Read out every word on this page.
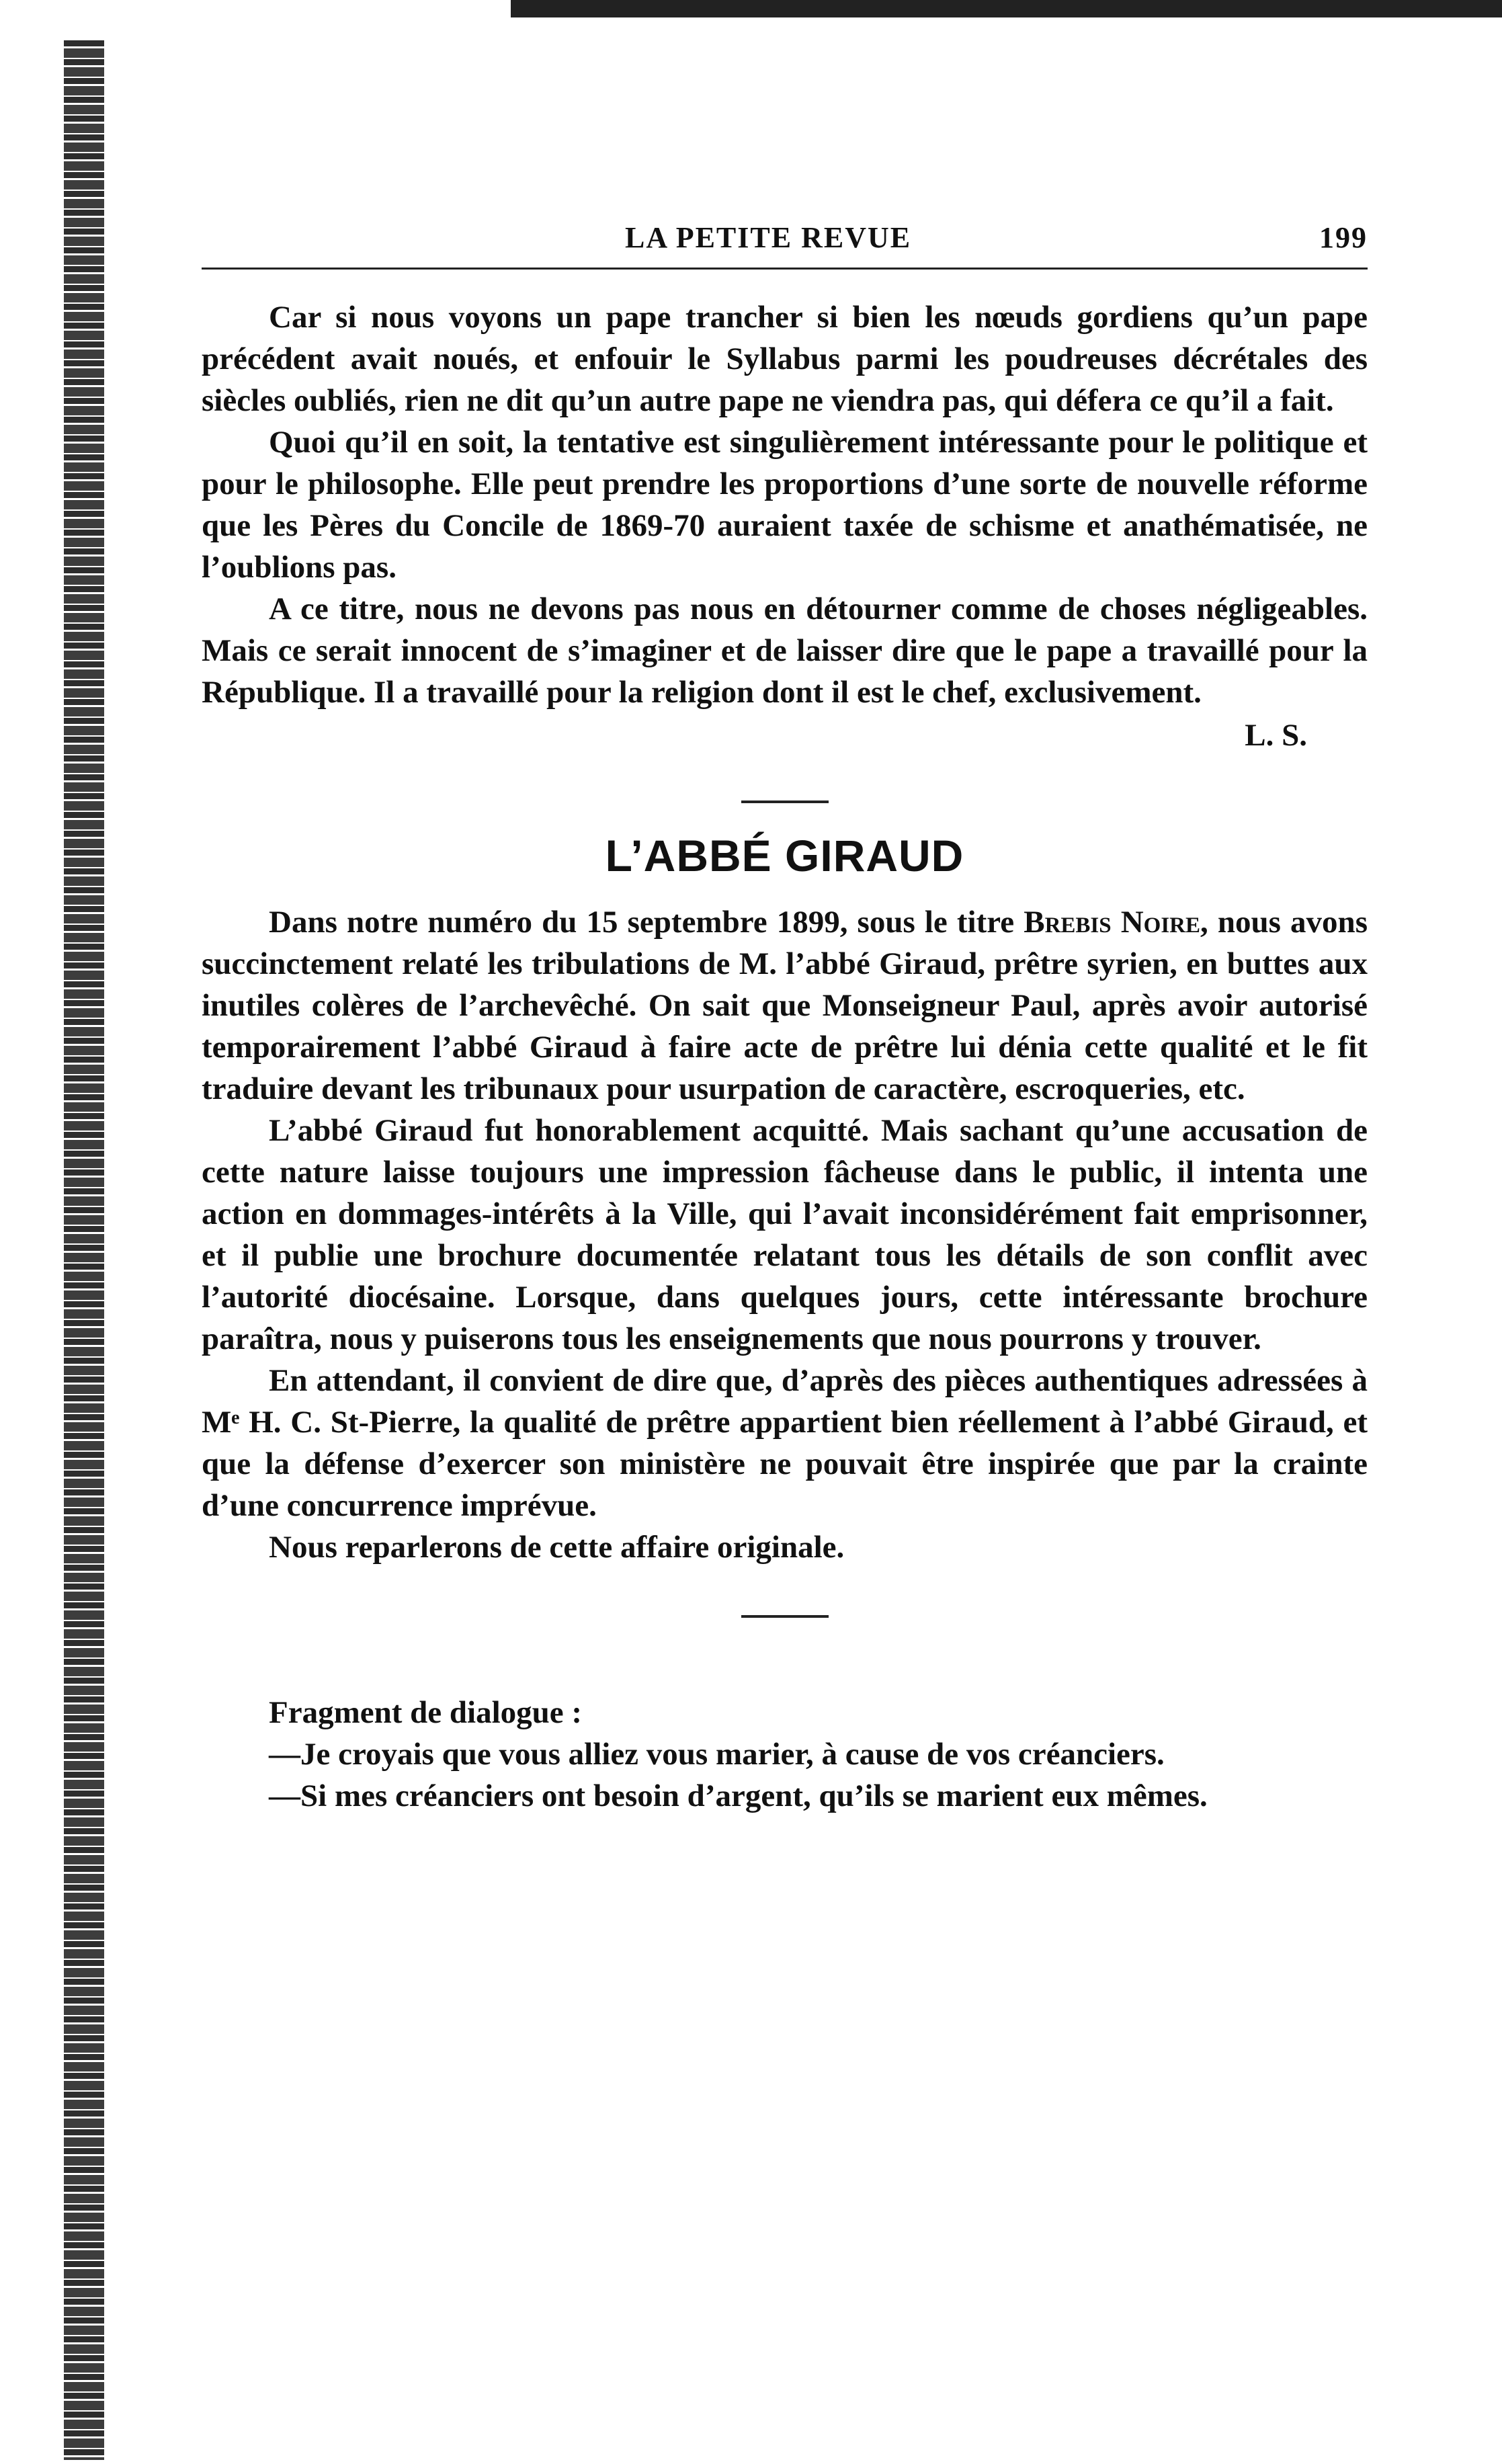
LA PETITE REVUE	199

Car si nous voyons un pape trancher si bien les nœuds gordiens qu’un pape précédent avait noués, et enfouir le Syllabus parmi les poudreuses décrétales des siècles oubliés, rien ne dit qu’un autre pape ne viendra pas, qui défera ce qu’il a fait.

Quoi qu’il en soit, la tentative est singulièrement intéressante pour le politique et pour le philosophe. Elle peut prendre les proportions d’une sorte de nouvelle réforme que les Pères du Concile de 1869-70 auraient taxée de schisme et anathématisée, ne l’oublions pas.

A ce titre, nous ne devons pas nous en détourner comme de choses négligeables. Mais ce serait innocent de s’imaginer et de laisser dire que le pape a travaillé pour la République. Il a travaillé pour la religion dont il est le chef, exclusivement.

L. S.

L’ABBÉ GIRAUD

Dans notre numéro du 15 septembre 1899, sous le titre Brebis Noire, nous avons succinctement relaté les tribulations de M. l’abbé Giraud, prêtre syrien, en buttes aux inutiles colères de l’archevêché. On sait que Monseigneur Paul, après avoir autorisé temporairement l’abbé Giraud à faire acte de prêtre lui dénia cette qualité et le fit traduire devant les tribunaux pour usurpation de caractère, escroqueries, etc.

L’abbé Giraud fut honorablement acquitté. Mais sachant qu’une accusation de cette nature laisse toujours une impression fâcheuse dans le public, il intenta une action en dommages-intérêts à la Ville, qui l’avait inconsidérément fait emprisonner, et il publie une brochure documentée relatant tous les détails de son conflit avec l’autorité diocésaine. Lorsque, dans quelques jours, cette intéressante brochure paraîtra, nous y puiserons tous les enseignements que nous pourrons y trouver.

En attendant, il convient de dire que, d’après des pièces authentiques adressées à Mᵉ H. C. St-Pierre, la qualité de prêtre appartient bien réellement à l’abbé Giraud, et que la défense d’exercer son ministère ne pouvait être inspirée que par la crainte d’une concurrence imprévue.

Nous reparlerons de cette affaire originale.

Fragment de dialogue :

—Je croyais que vous alliez vous marier, à cause de vos créanciers.

—Si mes créanciers ont besoin d’argent, qu’ils se marient eux mêmes.
